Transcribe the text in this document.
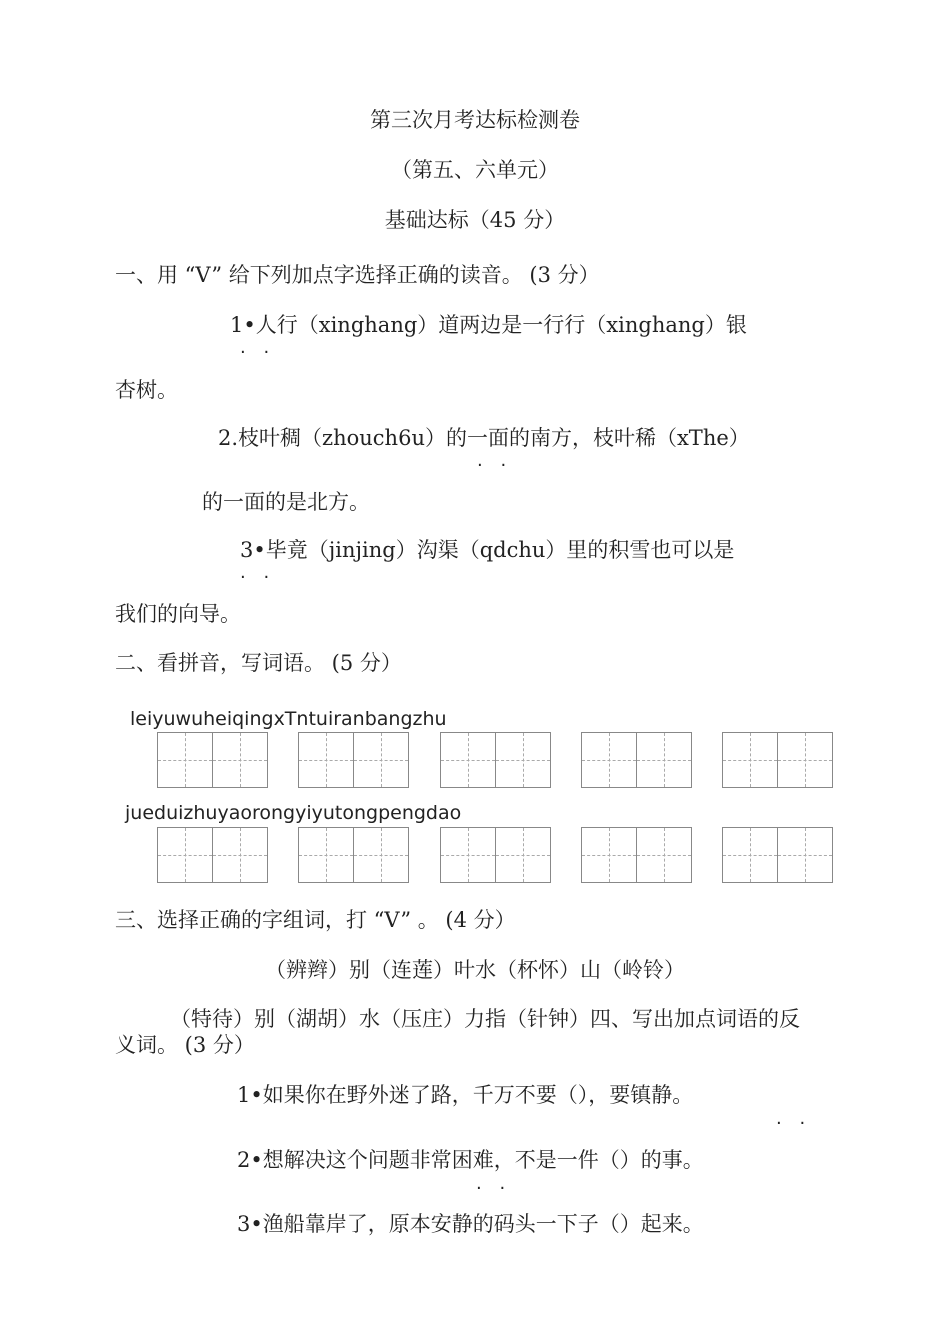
第三次月考达标检测卷
（第五、六单元）
基础达标（45 分）
一、用 “V” 给下列加点字选择正确的读音。 (3 分）
1•人行（xinghang）道两边是一行行（xinghang）银
· ·
杏树。
2.枝叶稠（zhouch6u）的一面的南方，枝叶稀（xThe）
· ·
的一面的是北方。
3•毕竟（jinjing）沟渠（qdchu）里的积雪也可以是
· ·
我们的向导。
二、看拼音，写词语。 (5 分）
leiyuwuheiqingxTntuiranbangzhu
jueduizhuyaorongyiyutongpengdao
三、选择正确的字组词，打 “V” 。 (4 分）
（辨辫）别（连莲）叶水（杯怀）山（岭铃）
（特待）别（湖胡）水（压庄）力指（针钟）四、写出加点词语的反
义词。 (3 分）
1•如果你在野外迷了路，千万不要（），要镇静。
· ·
2•想解决这个问题非常困难，不是一件（）的事。
· ·
3•渔船靠岸了，原本安静的码头一下子（）起来。
